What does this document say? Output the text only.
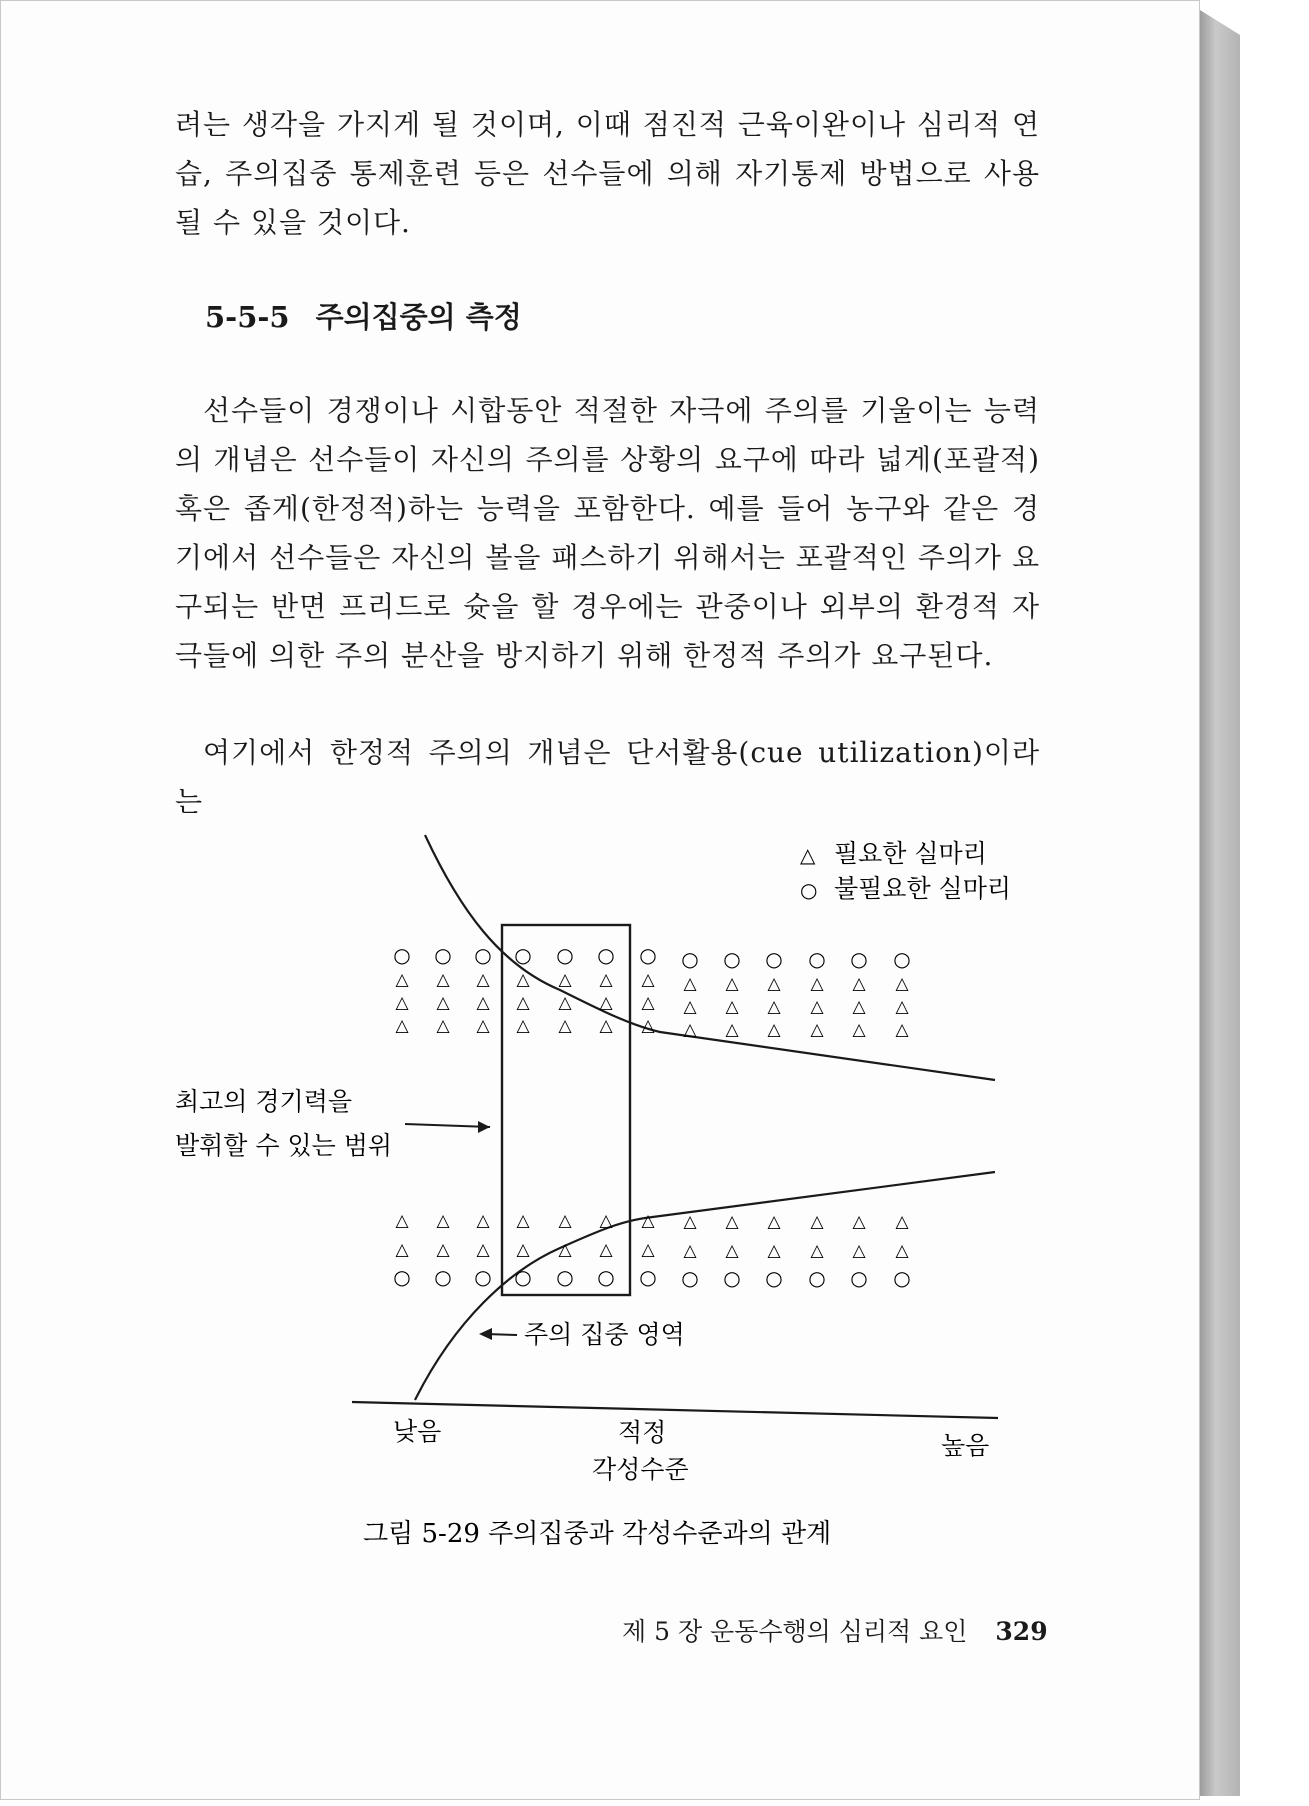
려는 생각을 가지게 될 것이며, 이때 점진적 근육이완이나 심리적 연습, 주의집중 통제훈련 등은 선수들에 의해 자기통제 방법으로 사용될 수 있을 것이다.

5-5-5 주의집중의 측정

선수들이 경쟁이나 시합동안 적절한 자극에 주의를 기울이는 능력의 개념은 선수들이 자신의 주의를 상황의 요구에 따라 넓게(포괄적) 혹은 좁게(한정적)하는 능력을 포함한다. 예를 들어 농구와 같은 경기에서 선수들은 자신의 볼을 패스하기 위해서는 포괄적인 주의가 요구되는 반면 프리드로 슛을 할 경우에는 관중이나 외부의 환경적 자극들에 의한 주의 분산을 방지하기 위해 한정적 주의가 요구된다.

여기에서 한정적 주의의 개념은 단서활용(cue utilization)이라는

△ 필요한 실마리
○ 불필요한 실마리
○ ○ ○ ○ ○ ○ ○ ○ ○ ○ ○ ○ ○
△ △ △ △ △ △ △ △ △ △ △ △ △
△ △ △ △ △ △ △ △ △ △ △ △ △
△ △ △ △ △ △ △ △ △ △ △ △ △
△ △ △ △ △ △ △ △ △ △ △ △ △
△ △ △ △ △ △ △ △ △ △ △ △ △
○ ○ ○ ○ ○ ○ ○ ○ ○ ○ ○ ○ ○
최고의 경기력을
발휘할 수 있는 범위
주의 집중 영역
낮음	적정	높음
각성수준
그림 5-29 주의집중과 각성수준과의 관계
제 5 장 운동수행의 심리적 요인 329
